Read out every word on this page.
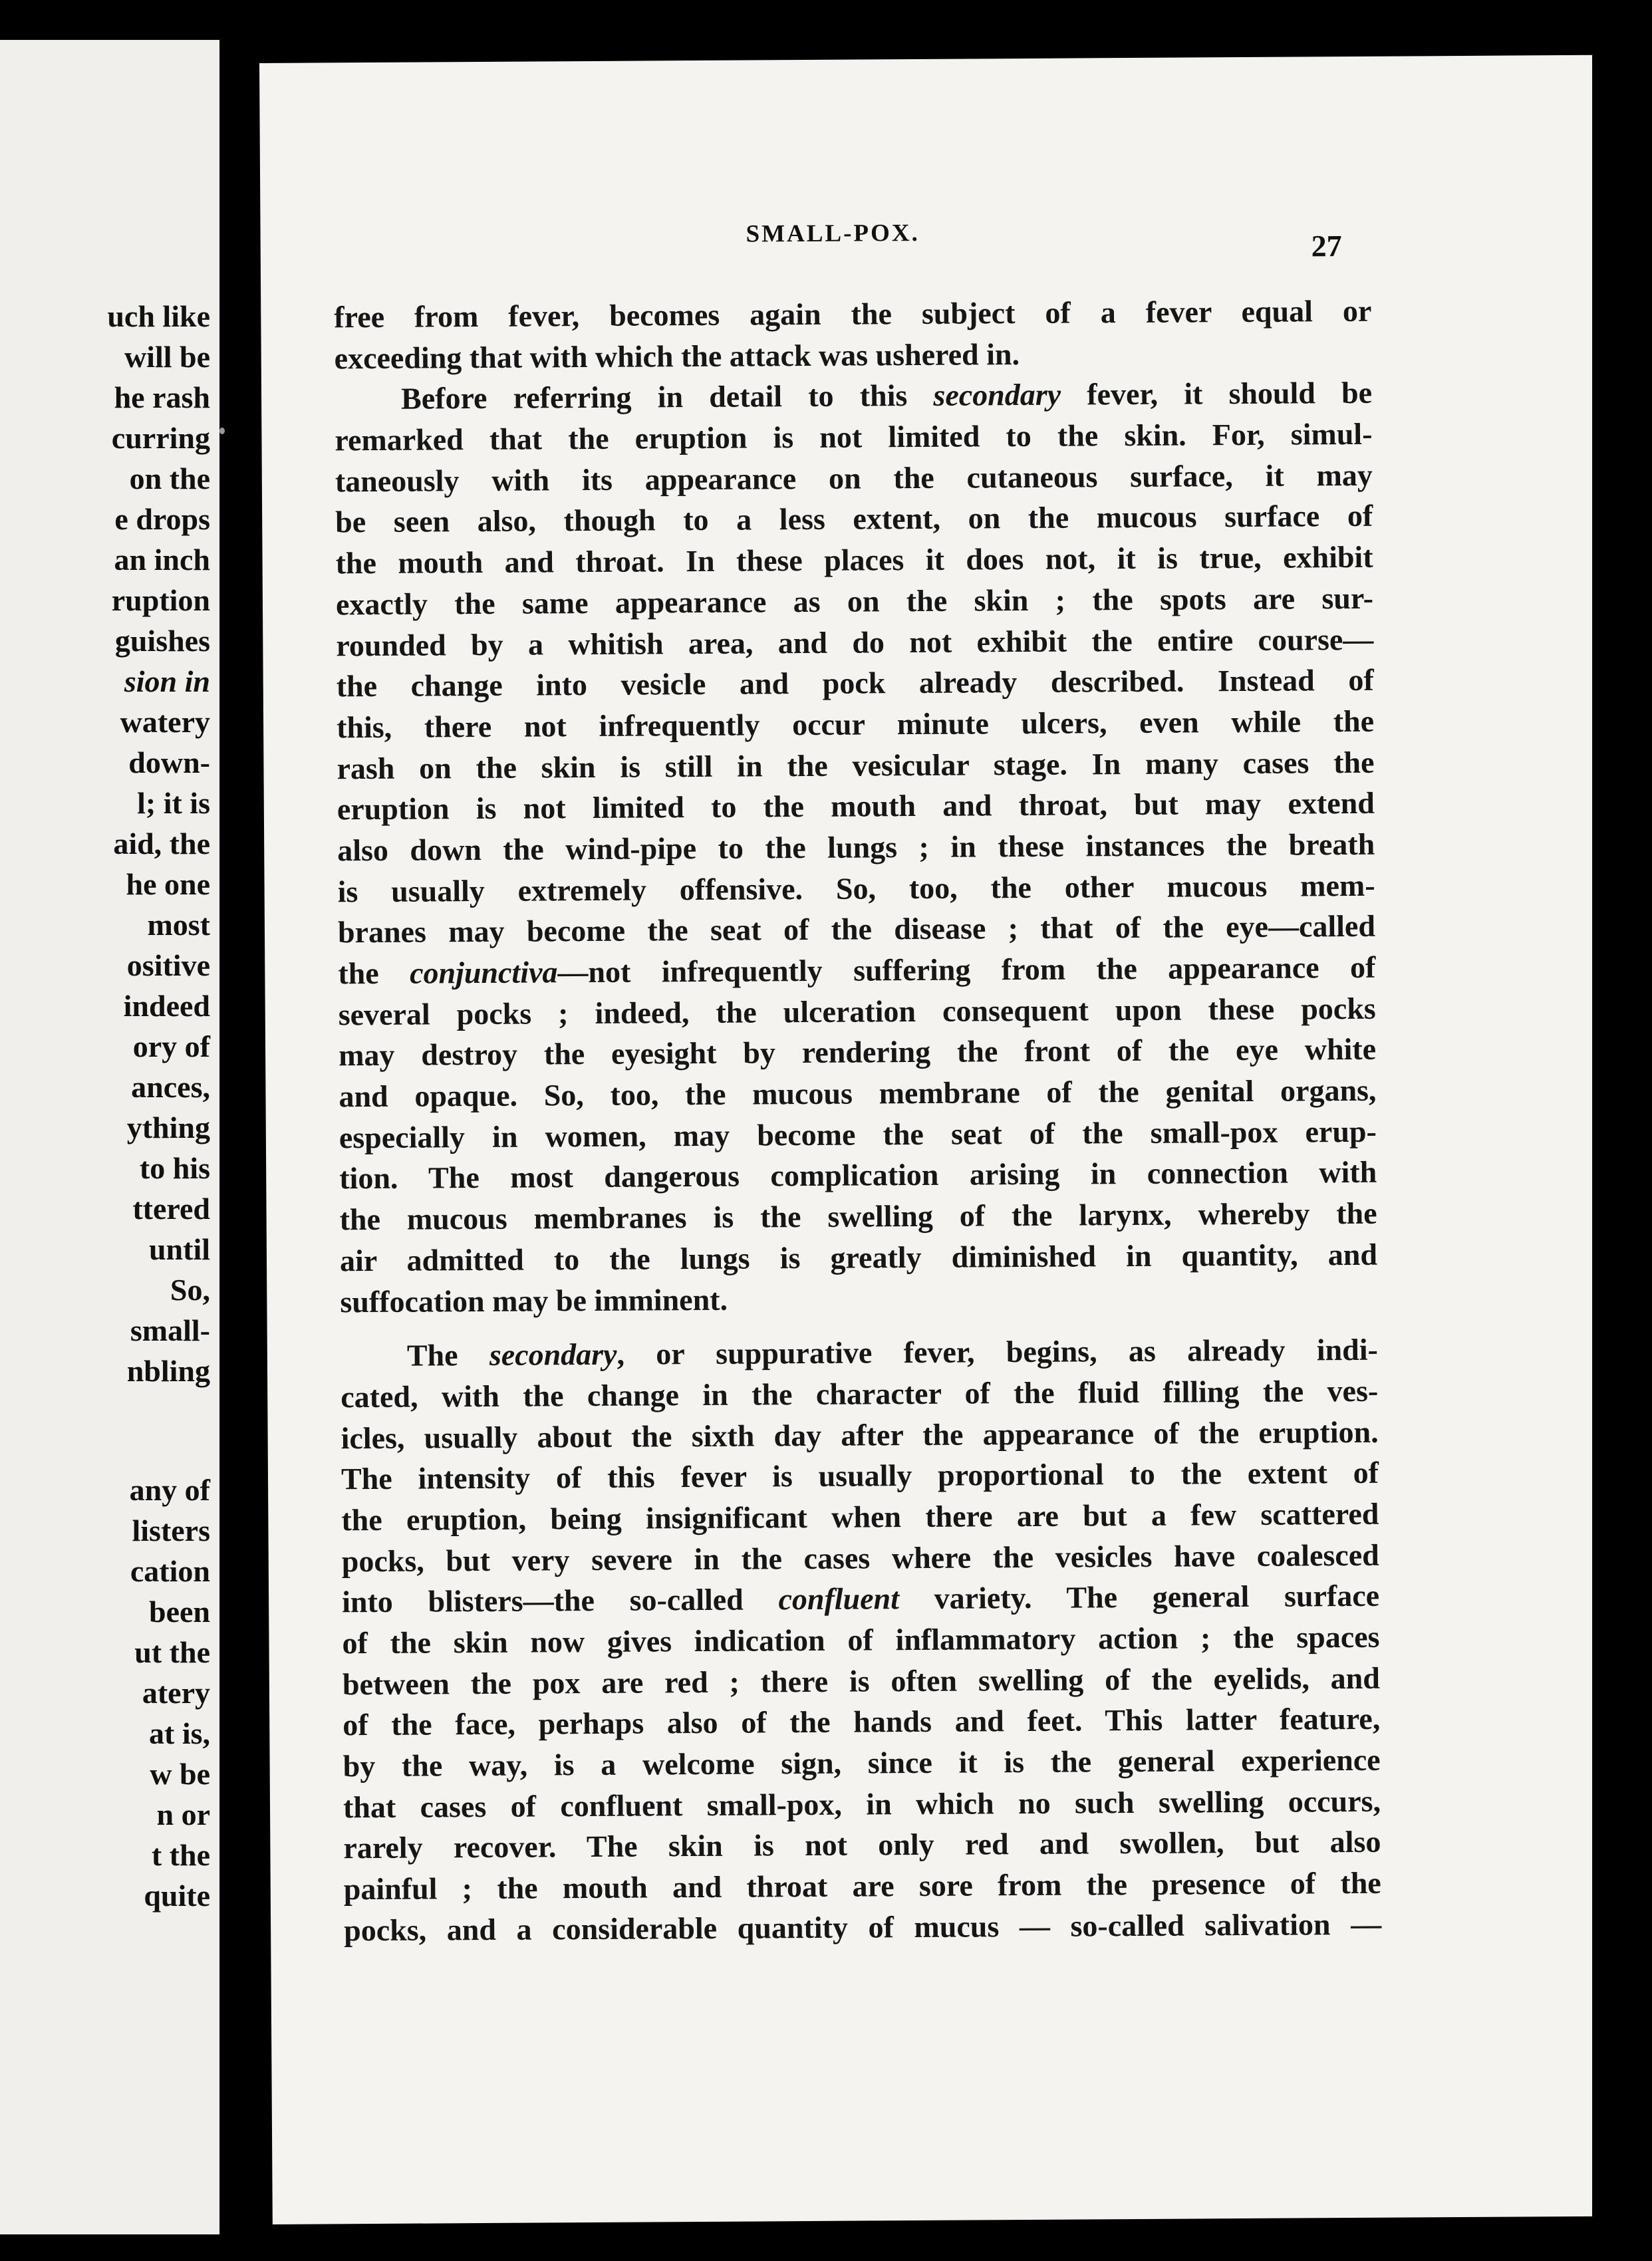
uch like
will be
he rash
curring
on the
e drops
an inch
ruption
guishes
sion in
watery
down-
l; it is
aid, the
he one
most
ositive
indeed
ory of
ances,
ything
to his
ttered
until
So,
small-
nbling
any of
listers
cation
been
ut the
atery
at is,
w be
n or
t the
quite
SMALL-POX.	27
free from fever, becomes again the subject of a fever equal or
exceeding that with which the attack was ushered in.
Before referring in detail to this secondary fever, it should be
remarked that the eruption is not limited to the skin. For, simul-
taneously with its appearance on the cutaneous surface, it may
be seen also, though to a less extent, on the mucous surface of
the mouth and throat. In these places it does not, it is true, exhibit
exactly the same appearance as on the skin ; the spots are sur-
rounded by a whitish area, and do not exhibit the entire course—
the change into vesicle and pock already described. Instead of
this, there not infrequently occur minute ulcers, even while the
rash on the skin is still in the vesicular stage. In many cases the
eruption is not limited to the mouth and throat, but may extend
also down the wind-pipe to the lungs ; in these instances the breath
is usually extremely offensive. So, too, the other mucous mem-
branes may become the seat of the disease ; that of the eye—called
the conjunctiva—not infrequently suffering from the appearance of
several pocks ; indeed, the ulceration consequent upon these pocks
may destroy the eyesight by rendering the front of the eye white
and opaque. So, too, the mucous membrane of the genital organs,
especially in women, may become the seat of the small-pox erup-
tion. The most dangerous complication arising in connection with
the mucous membranes is the swelling of the larynx, whereby the
air admitted to the lungs is greatly diminished in quantity, and
suffocation may be imminent.
The secondary, or suppurative fever, begins, as already indi-
cated, with the change in the character of the fluid filling the ves-
icles, usually about the sixth day after the appearance of the eruption.
The intensity of this fever is usually proportional to the extent of
the eruption, being insignificant when there are but a few scattered
pocks, but very severe in the cases where the vesicles have coalesced
into blisters—the so-called confluent variety. The general surface
of the skin now gives indication of inflammatory action ; the spaces
between the pox are red ; there is often swelling of the eyelids, and
of the face, perhaps also of the hands and feet. This latter feature,
by the way, is a welcome sign, since it is the general experience
that cases of confluent small-pox, in which no such swelling occurs,
rarely recover. The skin is not only red and swollen, but also
painful ; the mouth and throat are sore from the presence of the
pocks, and a considerable quantity of mucus — so-called salivation —
